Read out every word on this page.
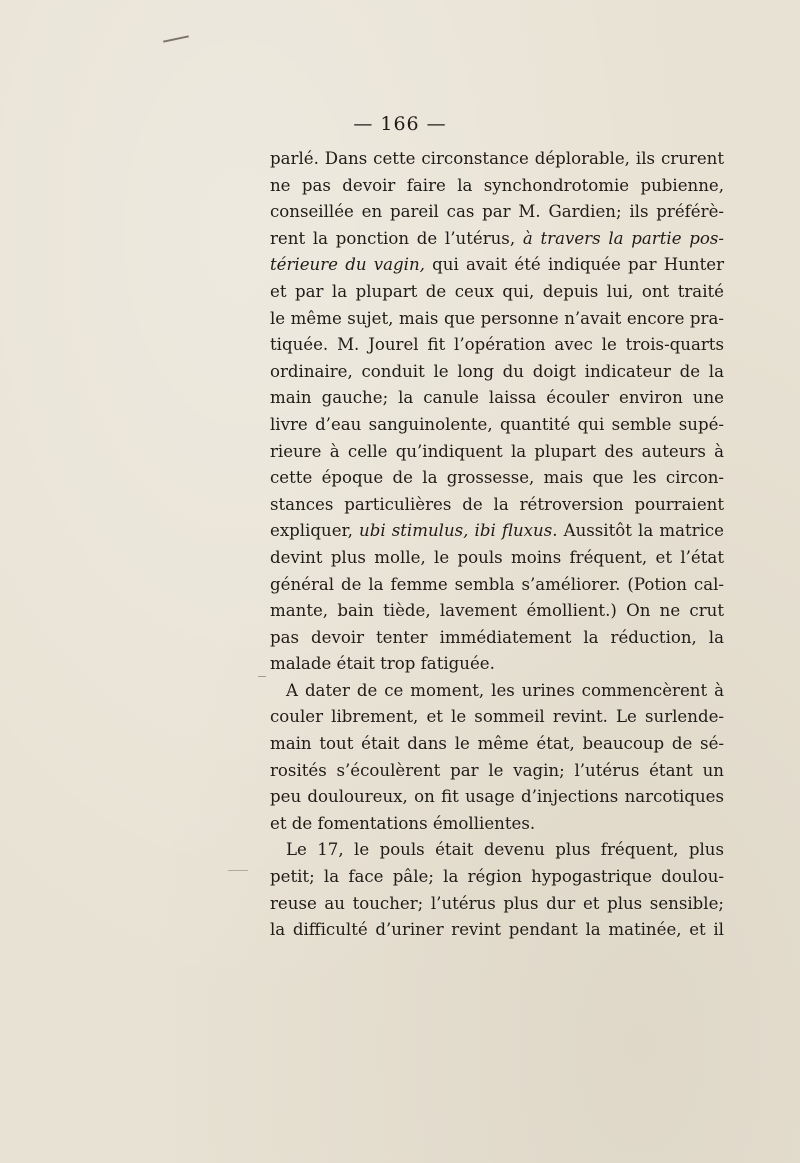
— 166 —
parlé. Dans cette circonstance déplorable, ils crurent
ne pas devoir faire la synchondrotomie pubienne,
conseillée en pareil cas par M. Gardien; ils préférè-
rent la ponction de l’utérus, à travers la partie pos-
térieure du vagin, qui avait été indiquée par Hunter
et par la plupart de ceux qui, depuis lui, ont traité
le même sujet, mais que personne n’avait encore pra-
tiquée. M. Jourel fit l’opération avec le trois-quarts
ordinaire, conduit le long du doigt indicateur de la
main gauche; la canule laissa écouler environ une
livre d’eau sanguinolente, quantité qui semble supé-
rieure à celle qu’indiquent la plupart des auteurs à
cette époque de la grossesse, mais que les circon-
stances particulières de la rétroversion pourraient
expliquer, ubi stimulus, ibi fluxus. Aussitôt la matrice
devint plus molle, le pouls moins fréquent, et l’état
général de la femme sembla s’améliorer. (Potion cal-
mante, bain tiède, lavement émollient.) On ne crut
pas devoir tenter immédiatement la réduction, la
malade était trop fatiguée.
A dater de ce moment, les urines commencèrent à
couler librement, et le sommeil revint. Le surlende-
main tout était dans le même état, beaucoup de sé-
rosités s’écoulèrent par le vagin; l’utérus étant un
peu douloureux, on fit usage d’injections narcotiques
et de fomentations émollientes.
Le 17, le pouls était devenu plus fréquent, plus
petit; la face pâle; la région hypogastrique doulou-
reuse au toucher; l’utérus plus dur et plus sensible;
la difficulté d’uriner revint pendant la matinée, et il
